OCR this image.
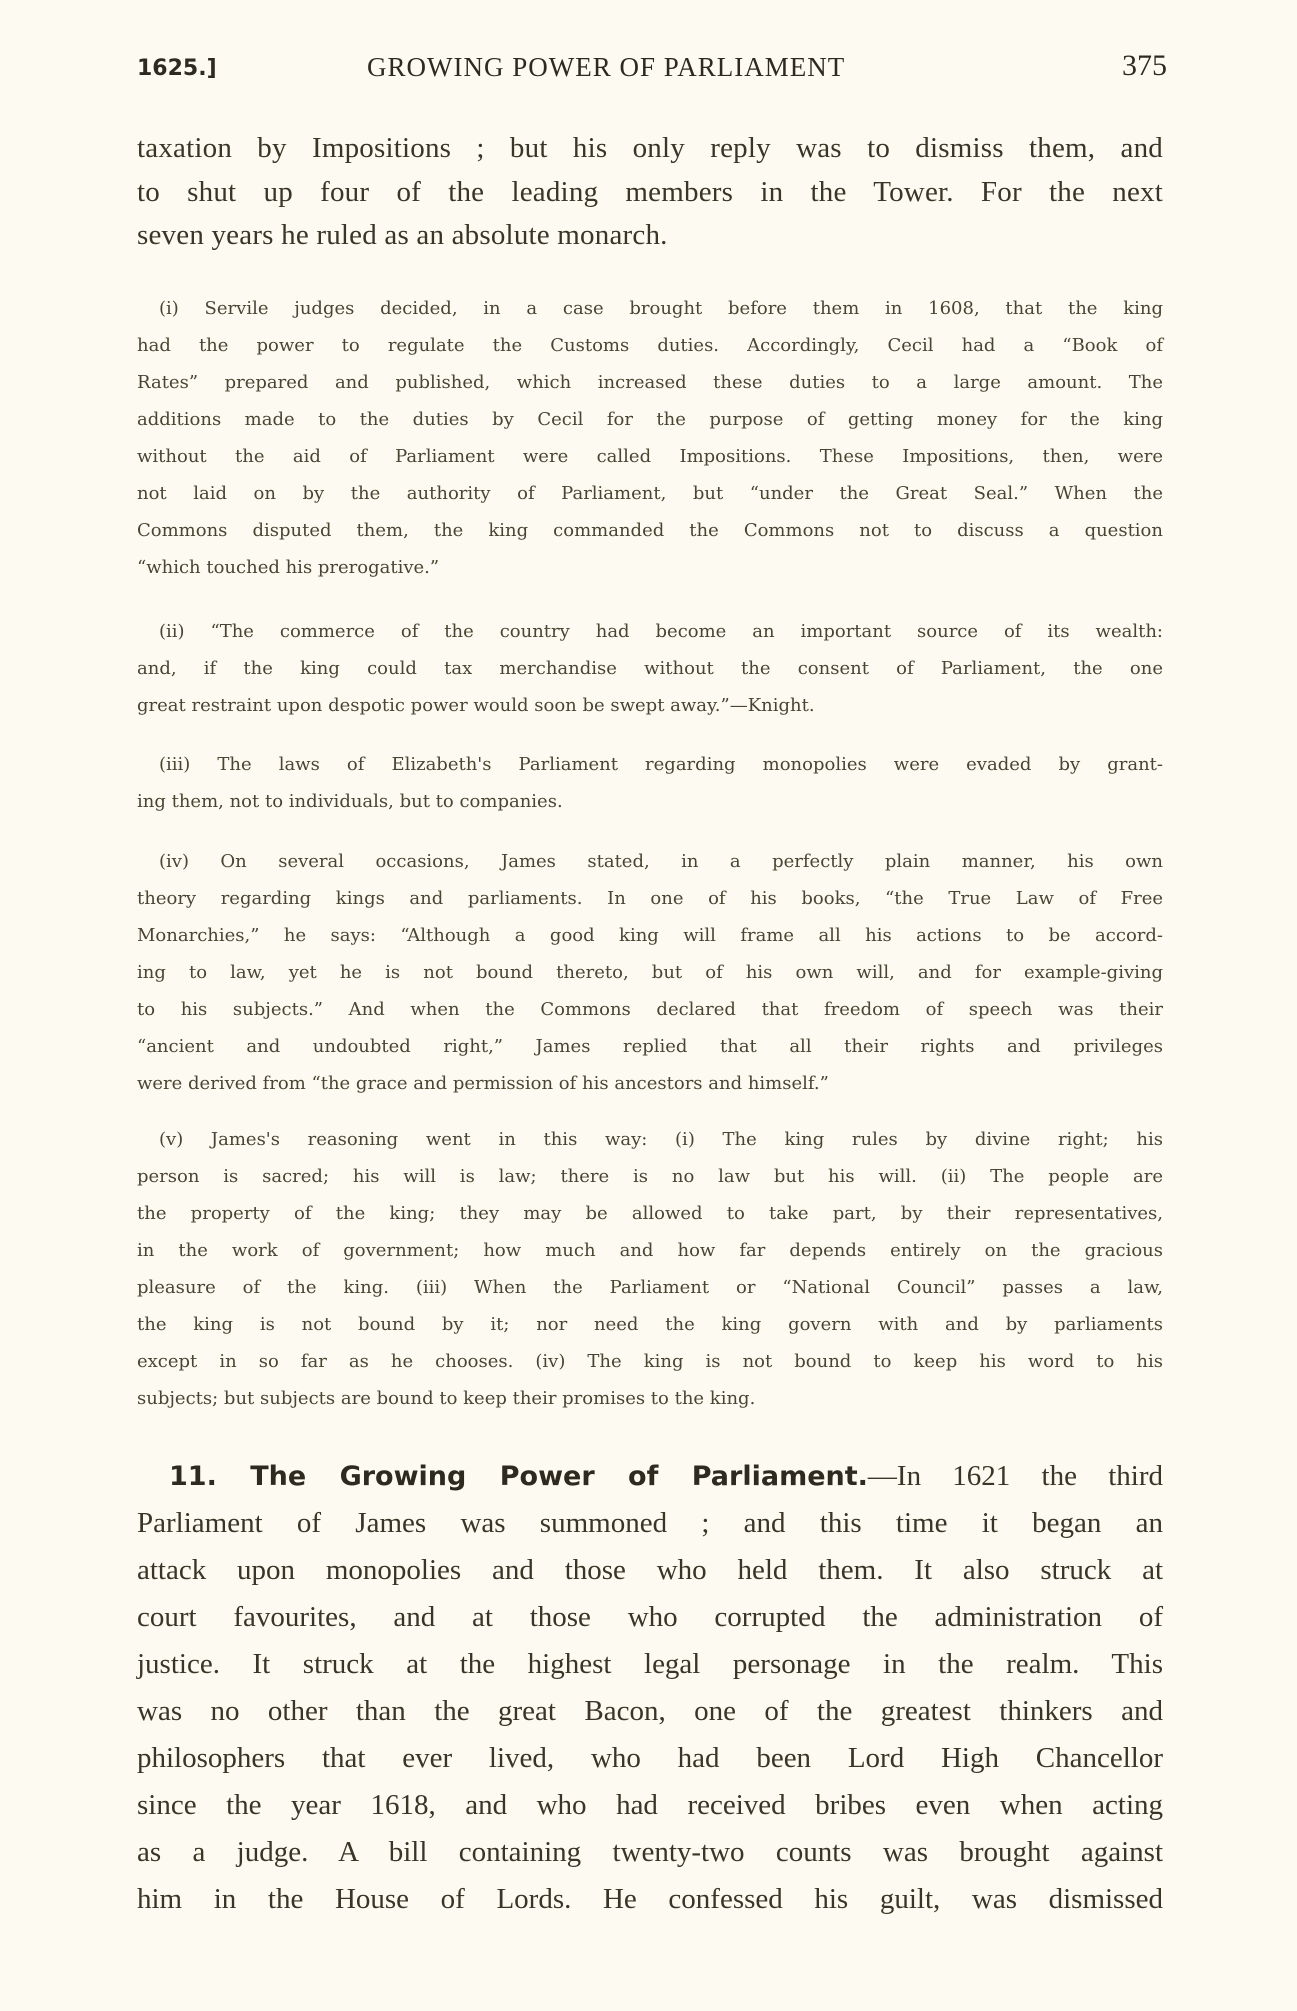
1625.]	GROWING POWER OF PARLIAMENT	375
taxation by Impositions ; but his only reply was to dismiss them, and
to shut up four of the leading members in the Tower. For the next
seven years he ruled as an absolute monarch.
(i) Servile judges decided, in a case brought before them in 1608, that the king
had the power to regulate the Customs duties. Accordingly, Cecil had a “Book of
Rates” prepared and published, which increased these duties to a large amount. The
additions made to the duties by Cecil for the purpose of getting money for the king
without the aid of Parliament were called Impositions. These Impositions, then, were
not laid on by the authority of Parliament, but “under the Great Seal.” When the
Commons disputed them, the king commanded the Commons not to discuss a question
“which touched his prerogative.”
(ii) “The commerce of the country had become an important source of its wealth:
and, if the king could tax merchandise without the consent of Parliament, the one
great restraint upon despotic power would soon be swept away.”—Knight.
(iii) The laws of Elizabeth's Parliament regarding monopolies were evaded by grant-
ing them, not to individuals, but to companies.
(iv) On several occasions, James stated, in a perfectly plain manner, his own
theory regarding kings and parliaments. In one of his books, “the True Law of Free
Monarchies,” he says: “Although a good king will frame all his actions to be accord-
ing to law, yet he is not bound thereto, but of his own will, and for example-giving
to his subjects.” And when the Commons declared that freedom of speech was their
“ancient and undoubted right,” James replied that all their rights and privileges
were derived from “the grace and permission of his ancestors and himself.”
(v) James's reasoning went in this way: (i) The king rules by divine right; his
person is sacred; his will is law; there is no law but his will. (ii) The people are
the property of the king; they may be allowed to take part, by their representatives,
in the work of government; how much and how far depends entirely on the gracious
pleasure of the king. (iii) When the Parliament or “National Council” passes a law,
the king is not bound by it; nor need the king govern with and by parliaments
except in so far as he chooses. (iv) The king is not bound to keep his word to his
subjects; but subjects are bound to keep their promises to the king.
11. The Growing Power of Parliament.—In 1621 the third
Parliament of James was summoned ; and this time it began an
attack upon monopolies and those who held them. It also struck at
court favourites, and at those who corrupted the administration of
justice. It struck at the highest legal personage in the realm. This
was no other than the great Bacon, one of the greatest thinkers and
philosophers that ever lived, who had been Lord High Chancellor
since the year 1618, and who had received bribes even when acting
as a judge. A bill containing twenty-two counts was brought against
him in the House of Lords. He confessed his guilt, was dismissed
